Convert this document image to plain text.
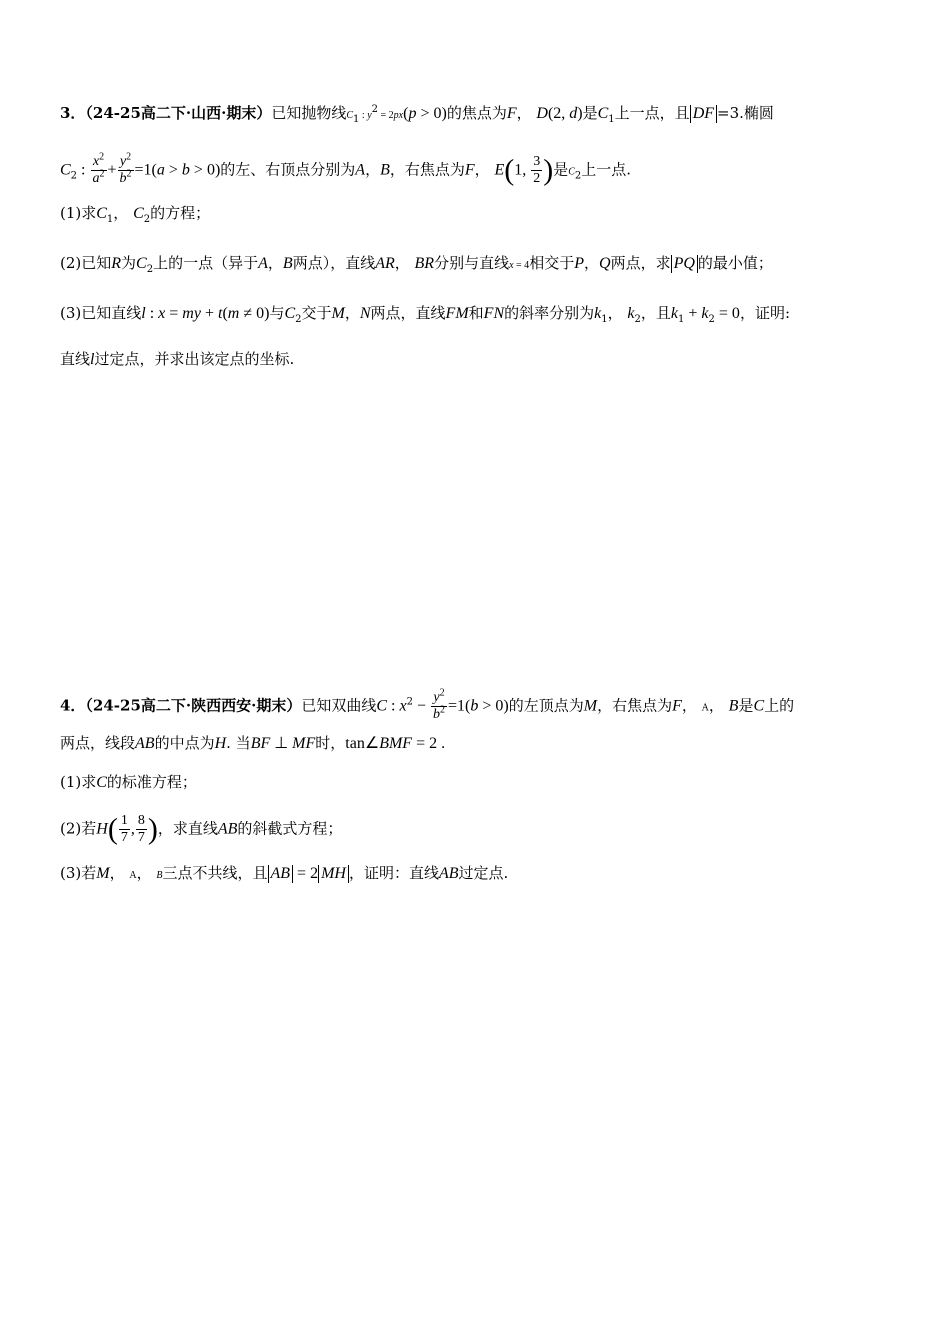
3．（24-25高二下·山西·期末）已知抛物线$C_1$ : $y^2 = 2px(p > 0)$的焦点为F， D(2, d)是$C_1$上一点，且 DF =3.椭圆
$C_2$ : $\frac{x^2}{a^2} + \frac{y^2}{b^2} =1(a > b > 0)$的左、右顶点分别为A，B，右焦点为F， E(1, $\frac{3}{2}$ )是$C_2$上一点.
(1)求$C_1$， $C_2$的方程；
(2)已知R为$C_2$上的一点（异于A，B两点），直线AR， BR分别与直线x = 4相交于P，Q两点，求 PQ 的最小值；
(3)已知直线l : x = my + t(m ≠ 0)与$C_2$交于M，N两点，直线FM和FN的斜率分别为$k_1$， $k_2$，且$k_1 + k_2 = 0$，证明:
直线l过定点，并求出该定点的坐标.
4．（24-25高二下·陕西西安·期末）已知双曲线C : $x^2 - \frac{y^2}{b^2} =1(b > 0)$的左顶点为M，右焦点为F， A， B是C上的
两点，线段AB的中点为H. 当BF ⊥ MF时，tan∠BMF = 2 .
(1)求C的标准方程；
(2)若$H( \frac{1}{7}$ , $\frac{8}{7}$ )，求直线AB的斜截式方程；
(3)若M， A， B三点不共线，且 AB = 2 MH ，证明：直线AB过定点.
